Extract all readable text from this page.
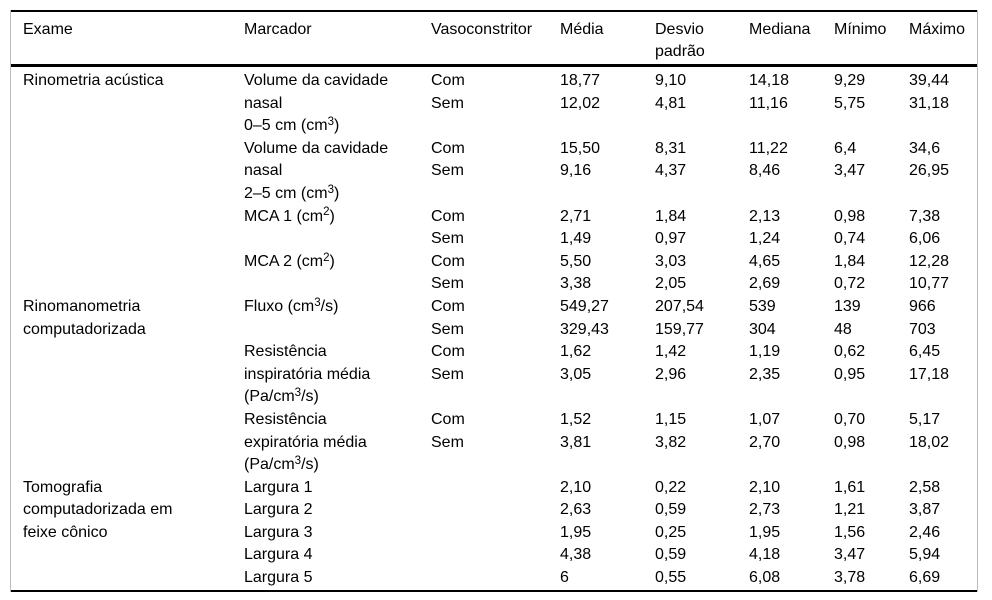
Exame	Marcador	Vasoconstritor	Média	Desvio padrão	Mediana	Mínimo	Máximo
Rinometria acústica	Volume da cavidade	Com	18,77	9,10	14,18	9,29	39,44
	nasal	Sem	12,02	4,81	11,16	5,75	31,18
	0–5 cm $(cm^3)$						
	Volume da cavidade	Com	15,50	8,31	11,22	6,4	34,6
	nasal	Sem	9,16	4,37	8,46	3,47	26,95
	2–5 cm $(cm^3)$						
	MCA 1 $(cm^2)$	Com	2,71	1,84	2,13	0,98	7,38
		Sem	1,49	0,97	1,24	0,74	6,06
	MCA 2 $(cm^2)$	Com	5,50	3,03	4,65	1,84	12,28
		Sem	3,38	2,05	2,69	0,72	10,77
Rinomanometria	Fluxo $(cm^3/s)$	Com	549,27	207,54	539	139	966
computadorizada		Sem	329,43	159,77	304	48	703
	Resistência	Com	1,62	1,42	1,19	0,62	6,45
	inspiratória média	Sem	3,05	2,96	2,35	0,95	17,18
	$(Pa/cm^3/s)$						
	Resistência	Com	1,52	1,15	1,07	0,70	5,17
	expiratória média	Sem	3,81	3,82	2,70	0,98	18,02
	$(Pa/cm^3/s)$						
Tomografia	Largura 1		2,10	0,22	2,10	1,61	2,58
computadorizada em	Largura 2		2,63	0,59	2,73	1,21	3,87
feixe cônico	Largura 3		1,95	0,25	1,95	1,56	2,46
	Largura 4		4,38	0,59	4,18	3,47	5,94
	Largura 5		6	0,55	6,08	3,78	6,69
